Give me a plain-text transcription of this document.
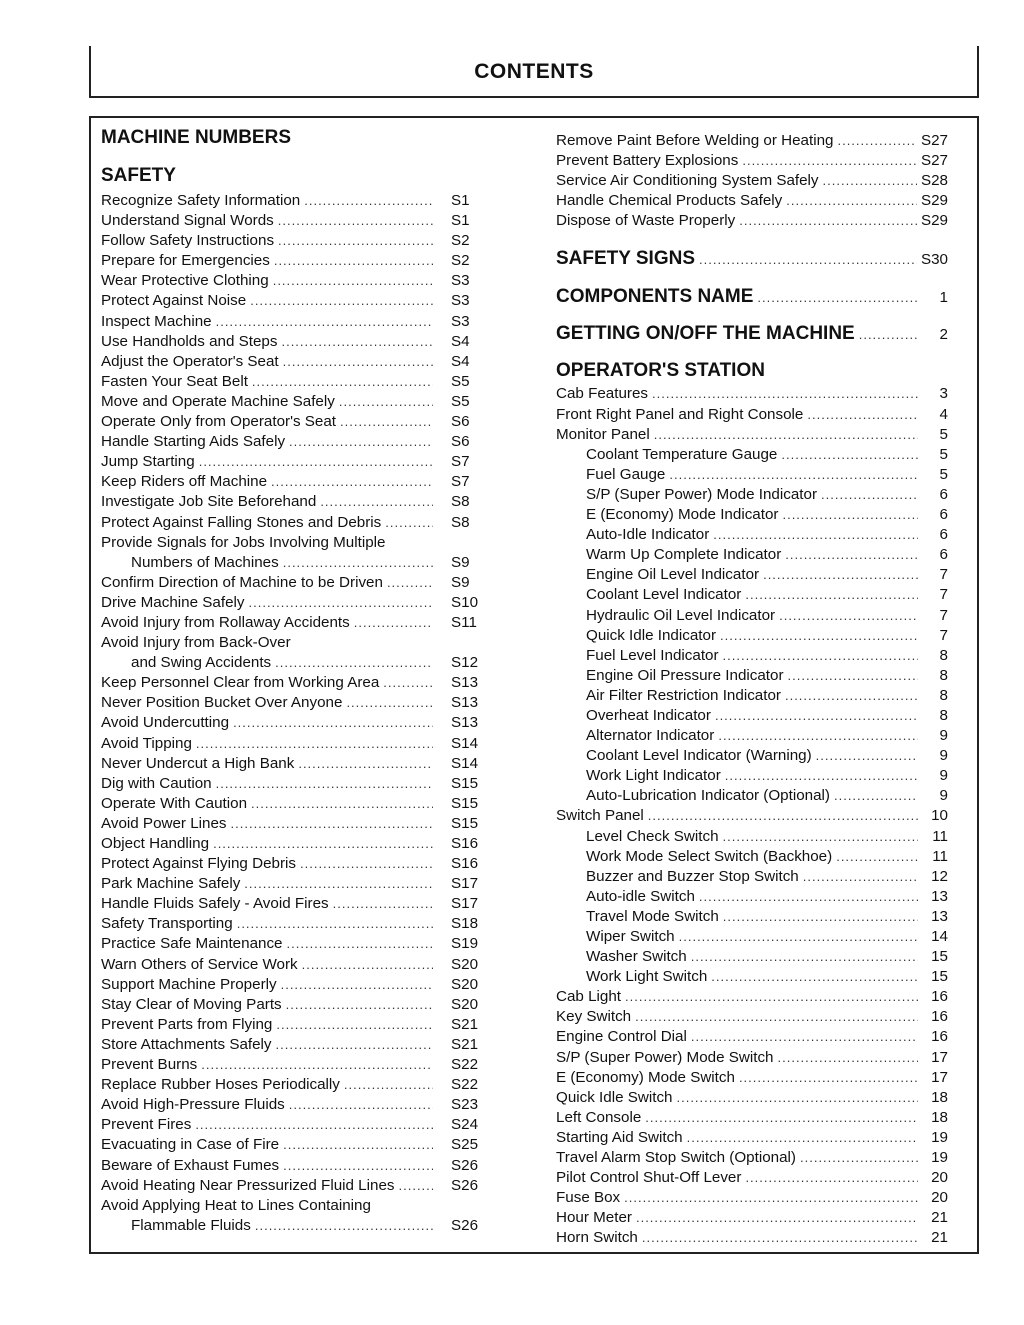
CONTENTS
MACHINE NUMBERS
SAFETY
Recognize Safety Information .....	S1
Understand Signal Words .....	S1
Follow Safety Instructions .....	S2
Prepare for Emergencies .....	S2
Wear Protective Clothing .....	S3
Protect Against Noise .....	S3
Inspect Machine .....	S3
Use Handholds and Steps .....	S4
Adjust the Operator's Seat .....	S4
Fasten Your Seat Belt .....	S5
Move and Operate Machine Safely .....	S5
Operate Only from Operator's Seat .....	S6
Handle Starting Aids Safely .....	S6
Jump Starting .....	S7
Keep Riders off Machine .....	S7
Investigate Job Site Beforehand .....	S8
Protect Against Falling Stones and Debris .....	S8
Provide Signals for Jobs Involving Multiple
Numbers of Machines .....	S9
Confirm Direction of Machine to be Driven .....	S9
Drive Machine Safely .....	S10
Avoid Injury from Rollaway Accidents .....	S11
Avoid Injury from Back-Over
and Swing Accidents .....	S12
Keep Personnel Clear from Working Area .....	S13
Never Position Bucket Over Anyone .....	S13
Avoid Undercutting .....	S13
Avoid Tipping .....	S14
Never Undercut a High Bank .....	S14
Dig with Caution .....	S15
Operate With Caution .....	S15
Avoid Power Lines .....	S15
Object Handling .....	S16
Protect Against Flying Debris .....	S16
Park Machine Safely .....	S17
Handle Fluids Safely - Avoid Fires .....	S17
Safety Transporting .....	S18
Practice Safe Maintenance .....	S19
Warn Others of Service Work .....	S20
Support Machine Properly .....	S20
Stay Clear of Moving Parts .....	S20
Prevent Parts from Flying .....	S21
Store Attachments Safely .....	S21
Prevent Burns .....	S22
Replace Rubber Hoses Periodically .....	S22
Avoid High-Pressure Fluids .....	S23
Prevent Fires .....	S24
Evacuating in Case of Fire .....	S25
Beware of Exhaust Fumes .....	S26
Avoid Heating Near Pressurized Fluid Lines .....	S26
Avoid Applying Heat to Lines Containing
Flammable Fluids .....	S26
Remove Paint Before Welding or Heating .....	S27
Prevent Battery Explosions .....	S27
Service Air Conditioning System Safely .....	S28
Handle Chemical Products Safely .....	S29
Dispose of Waste Properly .....	S29
SAFETY SIGNS .....	S30
COMPONENTS NAME .....	1
GETTING ON/OFF THE MACHINE .....	2
OPERATOR'S STATION
Cab Features .....	3
Front Right Panel and Right Console .....	4
Monitor Panel .....	5
Coolant Temperature Gauge .....	5
Fuel Gauge .....	5
S/P (Super Power) Mode Indicator .....	6
E (Economy) Mode Indicator .....	6
Auto-Idle Indicator .....	6
Warm Up Complete Indicator .....	6
Engine Oil Level Indicator .....	7
Coolant Level Indicator .....	7
Hydraulic Oil Level Indicator .....	7
Quick Idle Indicator .....	7
Fuel Level Indicator .....	8
Engine Oil Pressure Indicator .....	8
Air Filter Restriction Indicator .....	8
Overheat Indicator .....	8
Alternator Indicator .....	9
Coolant Level Indicator (Warning) .....	9
Work Light Indicator .....	9
Auto-Lubrication Indicator (Optional) .....	9
Switch Panel .....	10
Level Check Switch .....	11
Work Mode Select Switch (Backhoe) .....	11
Buzzer and Buzzer Stop Switch .....	12
Auto-idle Switch .....	13
Travel Mode Switch .....	13
Wiper Switch .....	14
Washer Switch .....	15
Work Light Switch .....	15
Cab Light .....	16
Key Switch .....	16
Engine Control Dial .....	16
S/P (Super Power) Mode Switch .....	17
E (Economy) Mode Switch .....	17
Quick Idle Switch .....	18
Left Console .....	18
Starting Aid Switch .....	19
Travel Alarm Stop Switch (Optional) .....	19
Pilot Control Shut-Off Lever .....	20
Fuse Box .....	20
Hour Meter .....	21
Horn Switch .....	21
